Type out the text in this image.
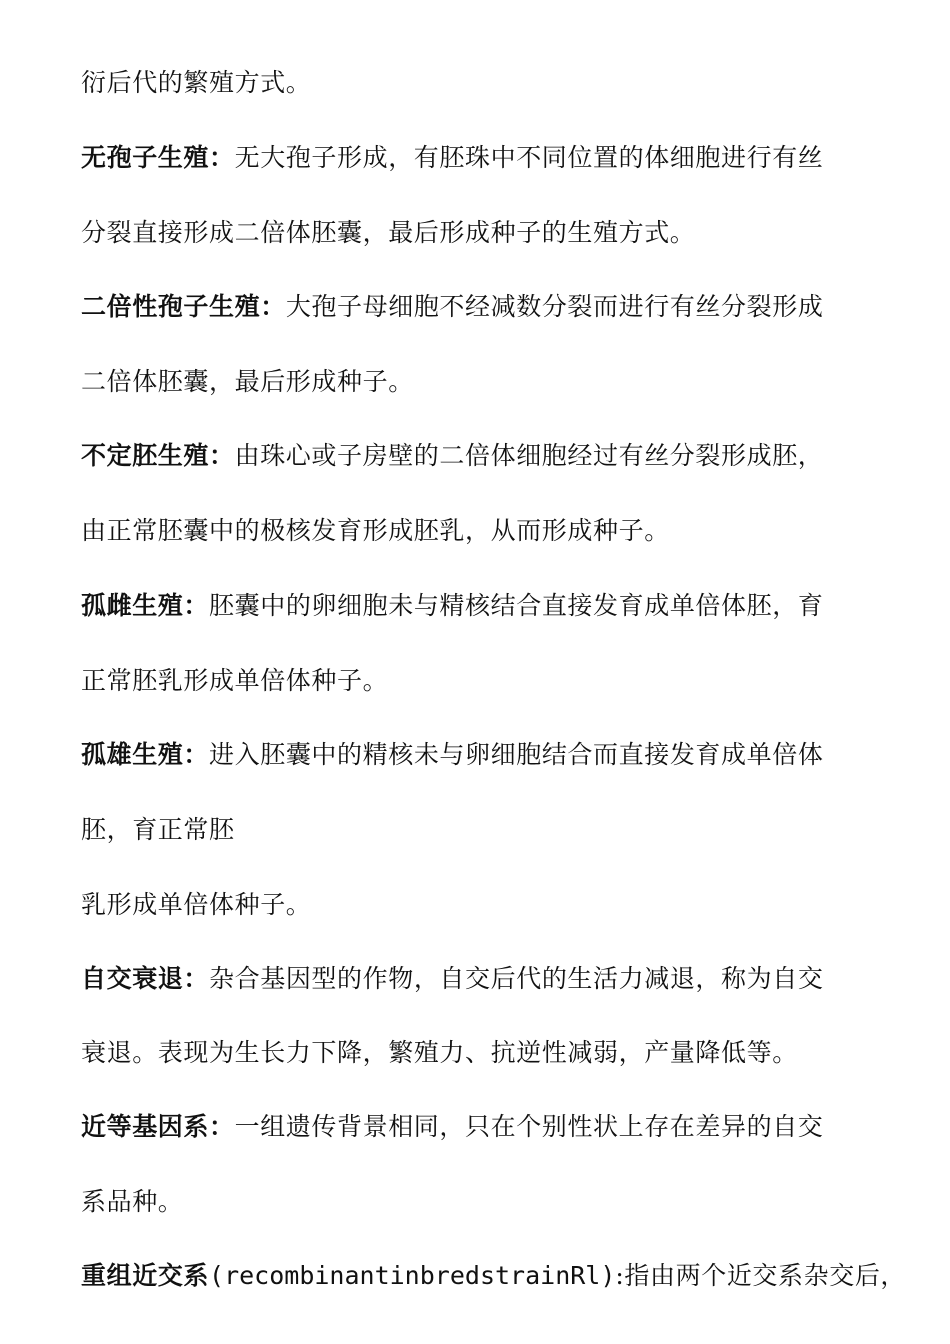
衍后代的繁殖方式。
无孢子生殖：无大孢子形成，有胚珠中不同位置的体细胞进行有丝
分裂直接形成二倍体胚囊，最后形成种子的生殖方式。
二倍性孢子生殖：大孢子母细胞不经减数分裂而进行有丝分裂形成
二倍体胚囊，最后形成种子。
不定胚生殖：由珠心或子房壁的二倍体细胞经过有丝分裂形成胚，
由正常胚囊中的极核发育形成胚乳，从而形成种子。
孤雌生殖：胚囊中的卵细胞未与精核结合直接发育成单倍体胚，育
正常胚乳形成单倍体种子。
孤雄生殖：进入胚囊中的精核未与卵细胞结合而直接发育成单倍体
胚，育正常胚
乳形成单倍体种子。
自交衰退：杂合基因型的作物，自交后代的生活力减退，称为自交
衰退。表现为生长力下降，繁殖力、抗逆性减弱，产量降低等。
近等基因系：一组遗传背景相同，只在个别性状上存在差异的自交
系品种。
重组近交系(recombinantinbredstrainRl):指由两个近交系杂交后，
